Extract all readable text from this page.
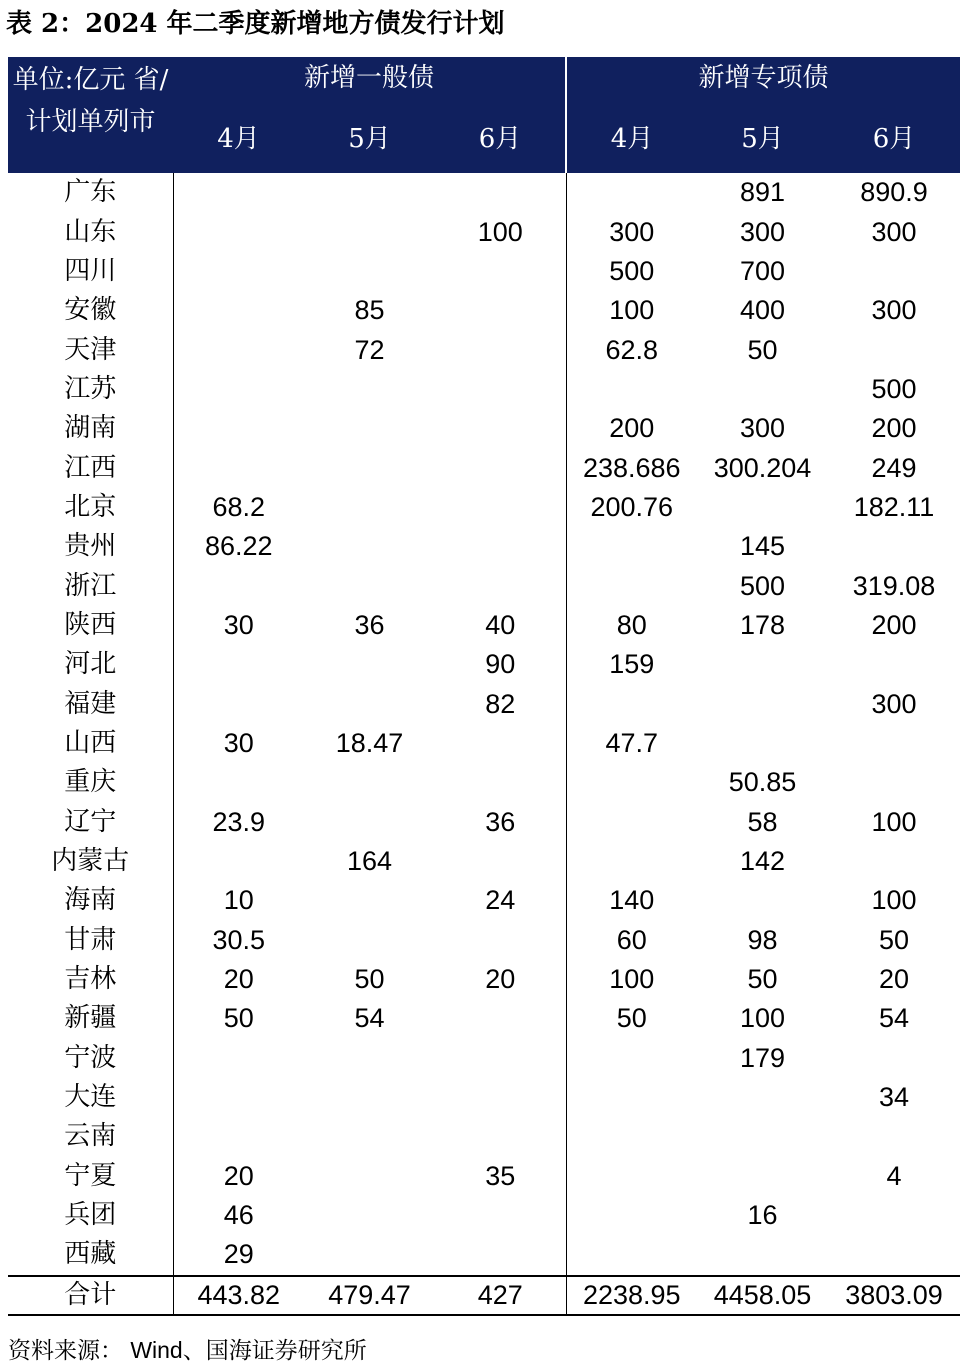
表 2：2024 年二季度新增地方债发行计划
单位:亿元 省/计划单列市	新增一般债			新增专项债		
	4月	5月	6月	4月	5月	6月
广东					891	890.9
山东			100	300	300	300
四川				500	700	
安徽		85		100	400	300
天津		72		62.8	50	
江苏						500
湖南				200	300	200
江西				238.686	300.204	249
北京	68.2			200.76		182.11
贵州	86.22				145	
浙江					500	319.08
陕西	30	36	40	80	178	200
河北			90	159		
福建			82			300
山西	30	18.47		47.7		
重庆					50.85	
辽宁	23.9		36		58	100
内蒙古		164			142	
海南	10		24	140		100
甘肃	30.5			60	98	50
吉林	20	50	20	100	50	20
新疆	50	54		50	100	54
宁波					179	
大连						34
云南						
宁夏	20		35			4
兵团	46				16	
西藏	29					
合计	443.82	479.47	427	2238.95	4458.05	3803.09
资料来源： Wind、国海证券研究所
